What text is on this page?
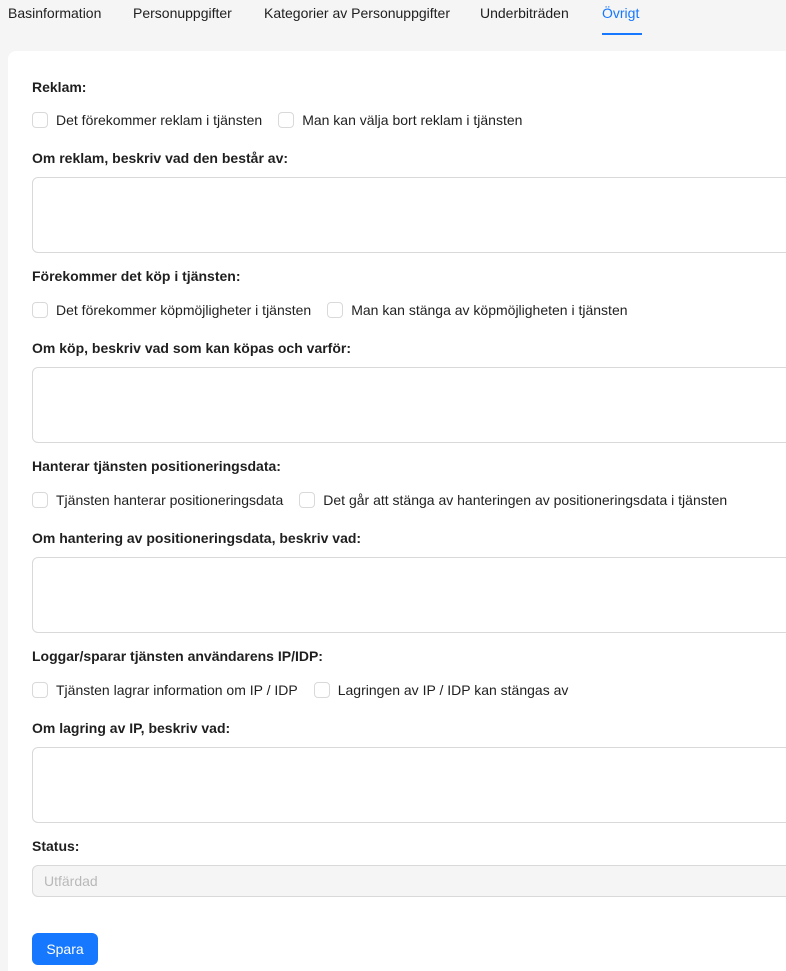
Basinformation Personuppgifter Kategorier av Personuppgifter Underbiträden Övrigt
Reklam:
Det förekommer reklam i tjänsten	Man kan välja bort reklam i tjänsten
Om reklam, beskriv vad den består av:
Förekommer det köp i tjänsten:
Det förekommer köpmöjligheter i tjänsten	Man kan stänga av köpmöjligheten i tjänsten
Om köp, beskriv vad som kan köpas och varför:
Hanterar tjänsten positioneringsdata:
Tjänsten hanterar positioneringsdata	Det går att stänga av hanteringen av positioneringsdata i tjänsten
Om hantering av positioneringsdata, beskriv vad:
Loggar/sparar tjänsten användarens IP/IDP:
Tjänsten lagrar information om IP / IDP	Lagringen av IP / IDP kan stängas av
Om lagring av IP, beskriv vad:
Status:
Utfärdad
Spara
